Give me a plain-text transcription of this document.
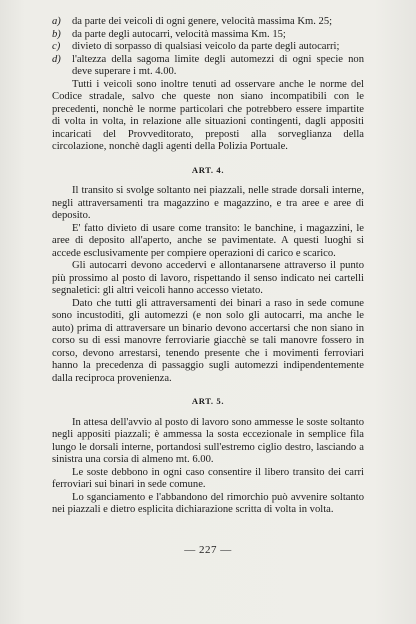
a)	da parte dei veicoli di ogni genere, velocità massima Km. 25;
b)	da parte degli autocarri, velocità massima Km. 15;
c)	divieto di sorpasso di qualsiasi veicolo da parte degli autocarri;
d)	l'altezza della sagoma limite degli automezzi di ogni specie non deve superare i mt. 4.00.

Tutti i veicoli sono inoltre tenuti ad osservare anche le norme del Codice stradale, salvo che queste non siano incompatibili con le precedenti, nonchè le norme particolari che potrebbero essere impartite di volta in volta, in relazione alle situazioni contingenti, dagli appositi incaricati del Provveditorato, preposti alla sorveglianza della circolazione, nonchè dagli agenti della Polizia Portuale.

ART. 4.

Il transito si svolge soltanto nei piazzali, nelle strade dorsali interne, negli attraversamenti tra magazzino e magazzino, e tra aree e aree di deposito.

E' fatto divieto di usare come transito: le banchine, i magazzini, le aree di deposito all'aperto, anche se pavimentate. A questi luoghi si accede esclusivamente per compiere operazioni di carico e scarico.

Gli autocarri devono accedervi e allontanarsene attraverso il punto più prossimo al posto di lavoro, rispettando il senso indicato nei cartelli segnaletici: gli altri veicoli hanno accesso vietato.

Dato che tutti gli attraversamenti dei binari a raso in sede comune sono incustoditi, gli automezzi (e non solo gli autocarri, ma anche le auto) prima di attraversare un binario devono accertarsi che non siano in corso su di essi manovre ferroviarie giacchè se tali manovre fossero in corso, devono arrestarsi, tenendo presente che i movimenti ferroviari hanno la precedenza di passaggio sugli automezzi indipendentemente dalla reciproca provenienza.

ART. 5.

In attesa dell'avvio al posto di lavoro sono ammesse le soste soltanto negli appositi piazzali; è ammessa la sosta eccezionale in semplice fila lungo le dorsali interne, portandosi sull'estremo ciglio destro, lasciando a sinistra una corsia di almeno mt. 6.00.

Le soste debbono in ogni caso consentire il libero transito dei carri ferroviari sui binari in sede comune.

Lo sganciamento e l'abbandono del rimorchio può avvenire soltanto nei piazzali e dietro esplicita dichiarazione scritta di volta in volta.

— 227 —
